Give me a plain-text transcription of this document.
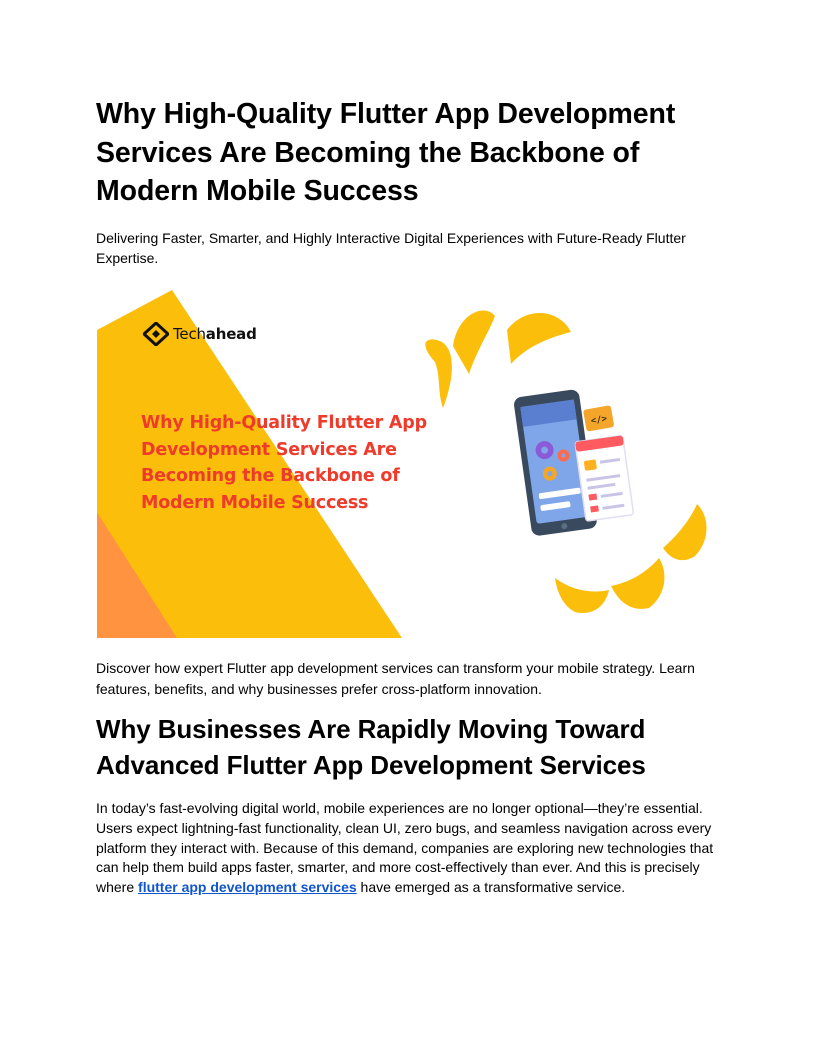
Why High-Quality Flutter App Development Services Are Becoming the Backbone of Modern Mobile Success

Delivering Faster, Smarter, and Highly Interactive Digital Experiences with Future-Ready Flutter Expertise.

</>
Techahead

Why High-Quality Flutter App Development Services Are Becoming the Backbone of Modern Mobile Success

Discover how expert Flutter app development services can transform your mobile strategy. Learn features, benefits, and why businesses prefer cross-platform innovation.

Why Businesses Are Rapidly Moving Toward Advanced Flutter App Development Services

In today’s fast-evolving digital world, mobile experiences are no longer optional—they’re essential. Users expect lightning-fast functionality, clean UI, zero bugs, and seamless navigation across every platform they interact with. Because of this demand, companies are exploring new technologies that can help them build apps faster, smarter, and more cost-effectively than ever. And this is precisely where flutter app development services have emerged as a transformative service.
